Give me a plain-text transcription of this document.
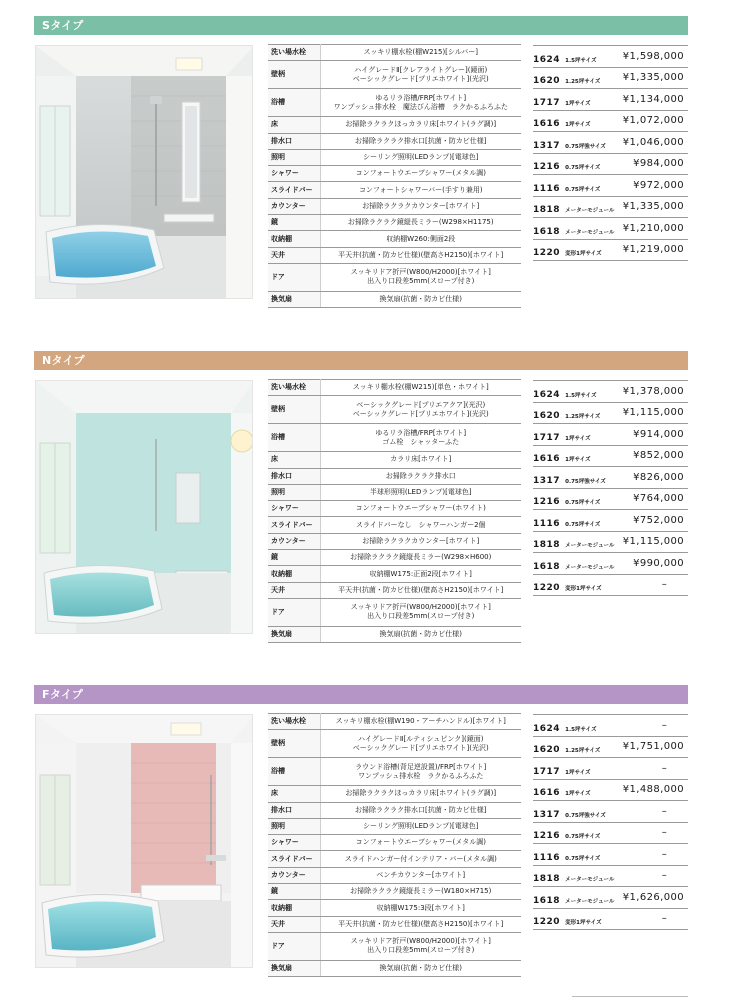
Sタイプ
洗い場水栓	スッキリ棚水栓(棚W215)[シルバー]
壁柄	ハイグレードⅡ[クレアライトグレー](鏡面)
ベーシックグレード[プリエホワイト](光沢)
浴槽	ゆるリラ浴槽/FRP[ホワイト]
ワンプッシュ排水栓　魔法びん浴槽　ラクかるふろふた
床	お掃除ラクラクほっカラリ床[ホワイト(ラグ調)]
排水口	お掃除ラクラク排水口[抗菌・防カビ仕様]
照明	シーリング照明(LEDランプ)[電球色]
シャワー	コンフォートウエーブシャワー(メタル調)
スライドバー	コンフォートシャワーバー(手すり兼用)
カウンター	お掃除ラクラクカウンター[ホワイト]
鏡	お掃除ラクラク鏡縦長ミラー(W298×H1175)
収納棚	収納棚W260:側面2段
天井	平天井(抗菌・防カビ仕様)(壁高さH2150)[ホワイト]
ドア	スッキリドア折戸(W800/H2000)[ホワイト]
出入り口段差5mm(スロープ付き)
換気扇	換気扇(抗菌・防カビ仕様)
1624 1.5坪サイズ	¥1,598,000
1620 1.25坪サイズ	¥1,335,000
1717 1坪サイズ	¥1,134,000
1616 1坪サイズ	¥1,072,000
1317 0.75坪強サイズ	¥1,046,000
1216 0.75坪サイズ	¥984,000
1116 0.75坪サイズ	¥972,000
1818 メーターモジュール	¥1,335,000
1618 メーターモジュール	¥1,210,000
1220 変形1坪サイズ	¥1,219,000
Nタイプ
洗い場水栓	スッキリ棚水栓(棚W215)[単色・ホワイト]
壁柄	ベーシックグレード[プリエアクア](光沢)
ベーシックグレード[プリエホワイト](光沢)
浴槽	ゆるリラ浴槽/FRP[ホワイト]
ゴム栓　シャッターふた
床	カラリ床[ホワイト]
排水口	お掃除ラクラク排水口
照明	半球形照明(LEDランプ)[電球色]
シャワー	コンフォートウエーブシャワー(ホワイト)
スライドバー	スライドバーなし　シャワーハンガー2個
カウンター	お掃除ラクラクカウンター[ホワイト]
鏡	お掃除ラクラク鏡縦長ミラー(W298×H600)
収納棚	収納棚W175:正面2段[ホワイト]
天井	平天井(抗菌・防カビ仕様)(壁高さH2150)[ホワイト]
ドア	スッキリドア折戸(W800/H2000)[ホワイト]
出入り口段差5mm(スロープ付き)
換気扇	換気扇(抗菌・防カビ仕様)
1624 1.5坪サイズ	¥1,378,000
1620 1.25坪サイズ	¥1,115,000
1717 1坪サイズ	¥914,000
1616 1坪サイズ	¥852,000
1317 0.75坪強サイズ	¥826,000
1216 0.75坪サイズ	¥764,000
1116 0.75坪サイズ	¥752,000
1818 メーターモジュール	¥1,115,000
1618 メーターモジュール	¥990,000
1220 変形1坪サイズ	–
Fタイプ
洗い場水栓	スッキリ棚水栓(棚W190・アーチハンドル)[ホワイト]
壁柄	ハイグレードⅡ[ルティシュピンク](鏡面)
ベーシックグレード[プリエホワイト](光沢)
浴槽	ラウンド浴槽(背足逆設置)/FRP[ホワイト]
ワンプッシュ排水栓　ラクかるふろふた
床	お掃除ラクラクほっカラリ床[ホワイト(ラグ調)]
排水口	お掃除ラクラク排水口[抗菌・防カビ仕様]
照明	シーリング照明(LEDランプ)[電球色]
シャワー	コンフォートウエーブシャワー(メタル調)
スライドバー	スライドハンガー付インテリア・バー(メタル調)
カウンター	ベンチカウンター[ホワイト]
鏡	お掃除ラクラク鏡縦長ミラー(W180×H715)
収納棚	収納棚W175:3段[ホワイト]
天井	平天井(抗菌・防カビ仕様)(壁高さH2150)[ホワイト]
ドア	スッキリドア折戸(W800/H2000)[ホワイト]
出入り口段差5mm(スロープ付き)
換気扇	換気扇(抗菌・防カビ仕様)
1624 1.5坪サイズ	–
1620 1.25坪サイズ	¥1,751,000
1717 1坪サイズ	–
1616 1坪サイズ	¥1,488,000
1317 0.75坪強サイズ	–
1216 0.75坪サイズ	–
1116 0.75坪サイズ	–
1818 メーターモジュール	–
1618 メーターモジュール	¥1,626,000
1220 変形1坪サイズ	–
